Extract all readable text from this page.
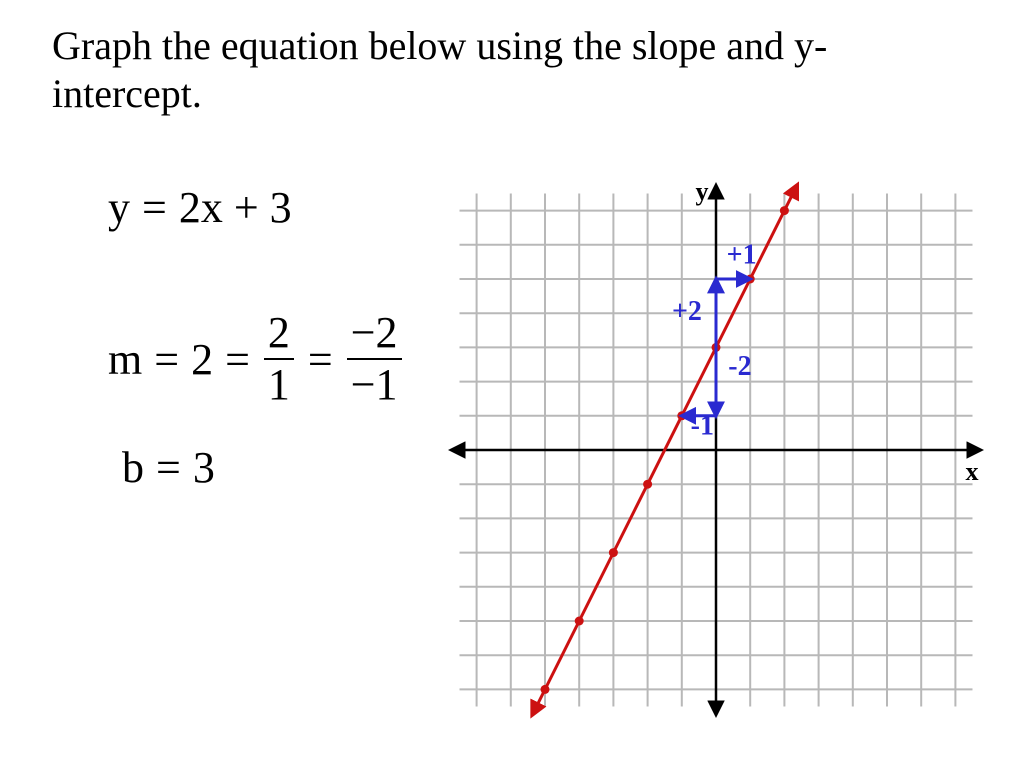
Graph the equation below using the slope and y-intercept.
y = 2x + 3
$m = 2 = \frac{2}{1} = \frac{-2}{-1}$
b = 3	x
y
+1
+2
-2
-1
